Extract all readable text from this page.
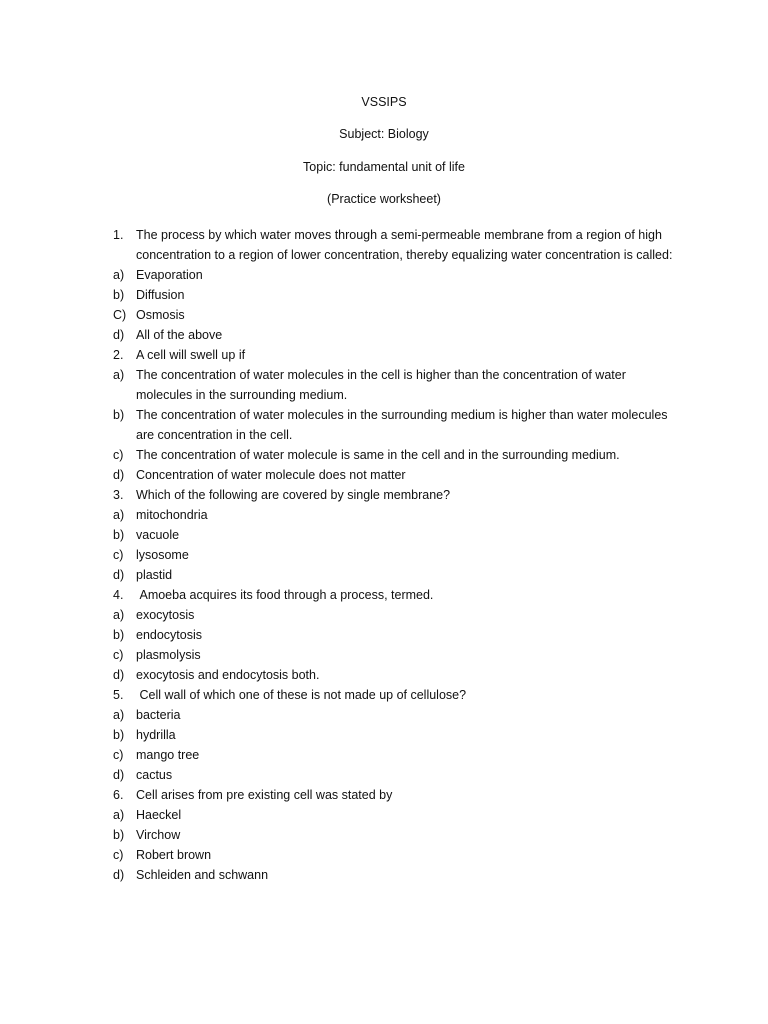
VSSIPS
Subject: Biology
Topic: fundamental unit of life
(Practice worksheet)
1.	The process by which water moves through a semi-permeable membrane from a region of high concentration to a region of lower concentration, thereby equalizing water concentration is called:
a) Evaporation
b) Diffusion
C) Osmosis
d) All of the above
2.	A cell will swell up if
a) The concentration of water molecules in the cell is higher than the concentration of water molecules in the surrounding medium.
b) The concentration of water molecules in the surrounding medium is higher than water molecules are concentration in the cell.
c)	The concentration of water molecule is same in the cell and in the surrounding medium.
d) Concentration of water molecule does not matter
3.	Which of the following are covered by single membrane?
a) mitochondria
b) vacuole
c)	lysosome
d) plastid
4.	Amoeba acquires its food through a process, termed.
a) exocytosis
b) endocytosis
c)	plasmolysis
d) exocytosis and endocytosis both.
5.	Cell wall of which one of these is not made up of cellulose?
a) bacteria
b) hydrilla
c)	mango tree
d) cactus
6.	Cell arises from pre existing cell was stated by
a) Haeckel
b) Virchow
c)	Robert brown
d) Schleiden and schwann
